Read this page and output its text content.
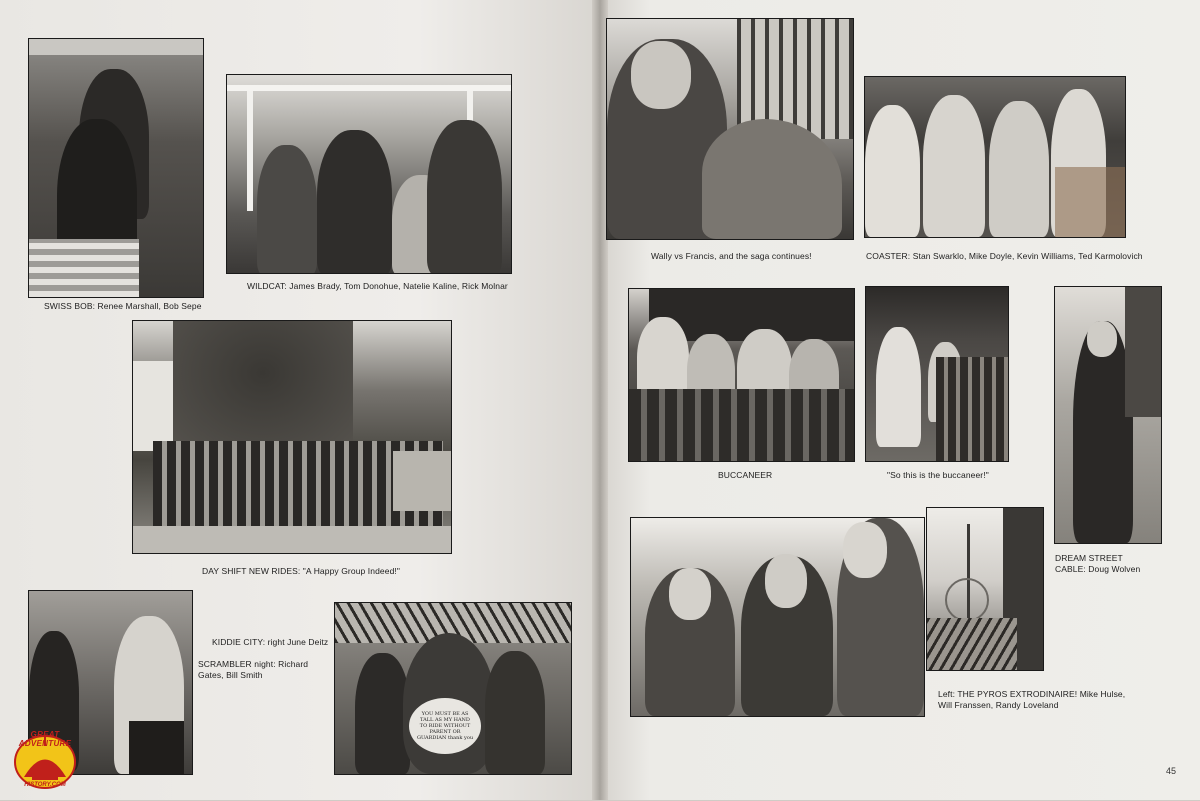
SWISS BOB: Renee Marshall, Bob Sepe
WILDCAT: James Brady, Tom Donohue, Natelie Kaline, Rick Molnar
DAY SHIFT NEW RIDES: "A Happy Group Indeed!"
KIDDIE CITY: right June Deitz
SCRAMBLER night: Richard Gates, Bill Smith
YOU MUST BE AS TALL AS MY HAND TO RIDE WITHOUT PARENT OR GUARDIAN thank you
GREAT ADVENTURE
HISTORY.COM
Wally vs Francis, and the saga continues!	COASTER: Stan Swarklo, Mike Doyle, Kevin Williams, Ted Karmolovich
BUCCANEER	"So this is the buccaneer!"
DREAM STREET CABLE: Doug Wolven
Left: THE PYROS EXTRODINAIRE! Mike Hulse, Will Franssen, Randy Loveland
45
